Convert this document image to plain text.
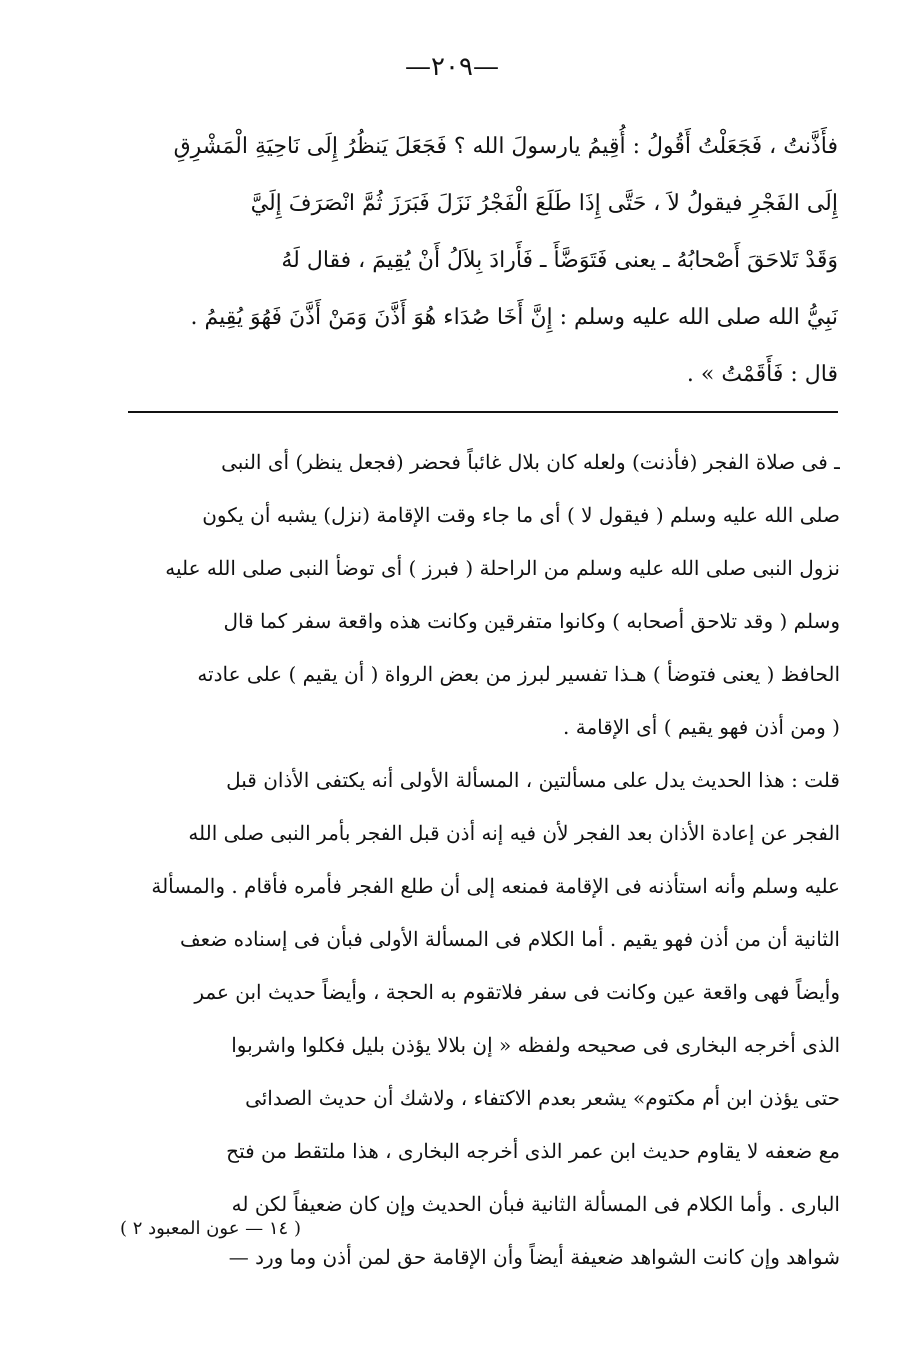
—٢٠٩—
فأَذَّنتُ ، فَجَعَلْتُ أَقُولُ : أُقِيمُ يارسولَ الله ؟ فَجَعَلَ يَنظُرُ إِلَى نَاحِيَةِ الْمَشْرِقِ
إِلَى الفَجْرِ فيقولُ لاَ ، حَتَّى إِذَا طَلَعَ الْفَجْرُ نَزَلَ فَبَرَزَ ثُمَّ انْصَرَفَ إِلَيَّ
وَقَدْ تَلاحَقَ أَصْحابُهُ ـ يعنى فَتَوَضَّأَ ـ فَأَرادَ بِلاَلُ أَنْ يُقِيمَ ، فقال لَهُ
نَبِيُّ الله صلى الله عليه وسلم : إِنَّ أَخَا صُدَاء هُوَ أَذَّنَ وَمَنْ أَذَّنَ فَهُوَ يُقِيمُ .
قال : فَأَقَمْتُ » .
ـ فى صلاة الفجر (فأذنت) ولعله كان بلال غائباً فحضر (فجعل ينظر) أى النبى
صلى الله عليه وسلم ( فيقول لا ) أى ما جاء وقت الإقامة (نزل) يشبه أن يكون
نزول النبى صلى الله عليه وسلم من الراحلة ( فبرز ) أى توضأ النبى صلى الله عليه
وسلم ( وقد تلاحق أصحابه ) وكانوا متفرقين وكانت هذه واقعة سفر كما قال
الحافظ ( يعنى فتوضأ ) هـذا تفسير لبرز من بعض الرواة ( أن يقيم ) على عادته
( ومن أذن فهو يقيم ) أى الإقامة .
قلت : هذا الحديث يدل على مسألتين ، المسألة الأولى أنه يكتفى الأذان قبل
الفجر عن إعادة الأذان بعد الفجر لأن فيه إنه أذن قبل الفجر بأمر النبى صلى الله
عليه وسلم وأنه استأذنه فى الإقامة فمنعه إلى أن طلع الفجر فأمره فأقام . والمسألة
الثانية أن من أذن فهو يقيم . أما الكلام فى المسألة الأولى فبأن فى إسناده ضعف
وأيضاً فهى واقعة عين وكانت فى سفر فلاتقوم به الحجة ، وأيضاً حديث ابن عمر
الذى أخرجه البخارى فى صحيحه ولفظه « إن بلالا يؤذن بليل فكلوا واشربوا
حتى يؤذن ابن أم مكتوم» يشعر بعدم الاكتفاء ، ولاشك أن حديث الصدائى
مع ضعفه لا يقاوم حديث ابن عمر الذى أخرجه البخارى ، هذا ملتقط من فتح
البارى . وأما الكلام فى المسألة الثانية فبأن الحديث وإن كان ضعيفاً لكن له
شواهد وإن كانت الشواهد ضعيفة أيضاً وأن الإقامة حق لمن أذن وما ورد —
( ١٤ — عون المعبود ٢ )
